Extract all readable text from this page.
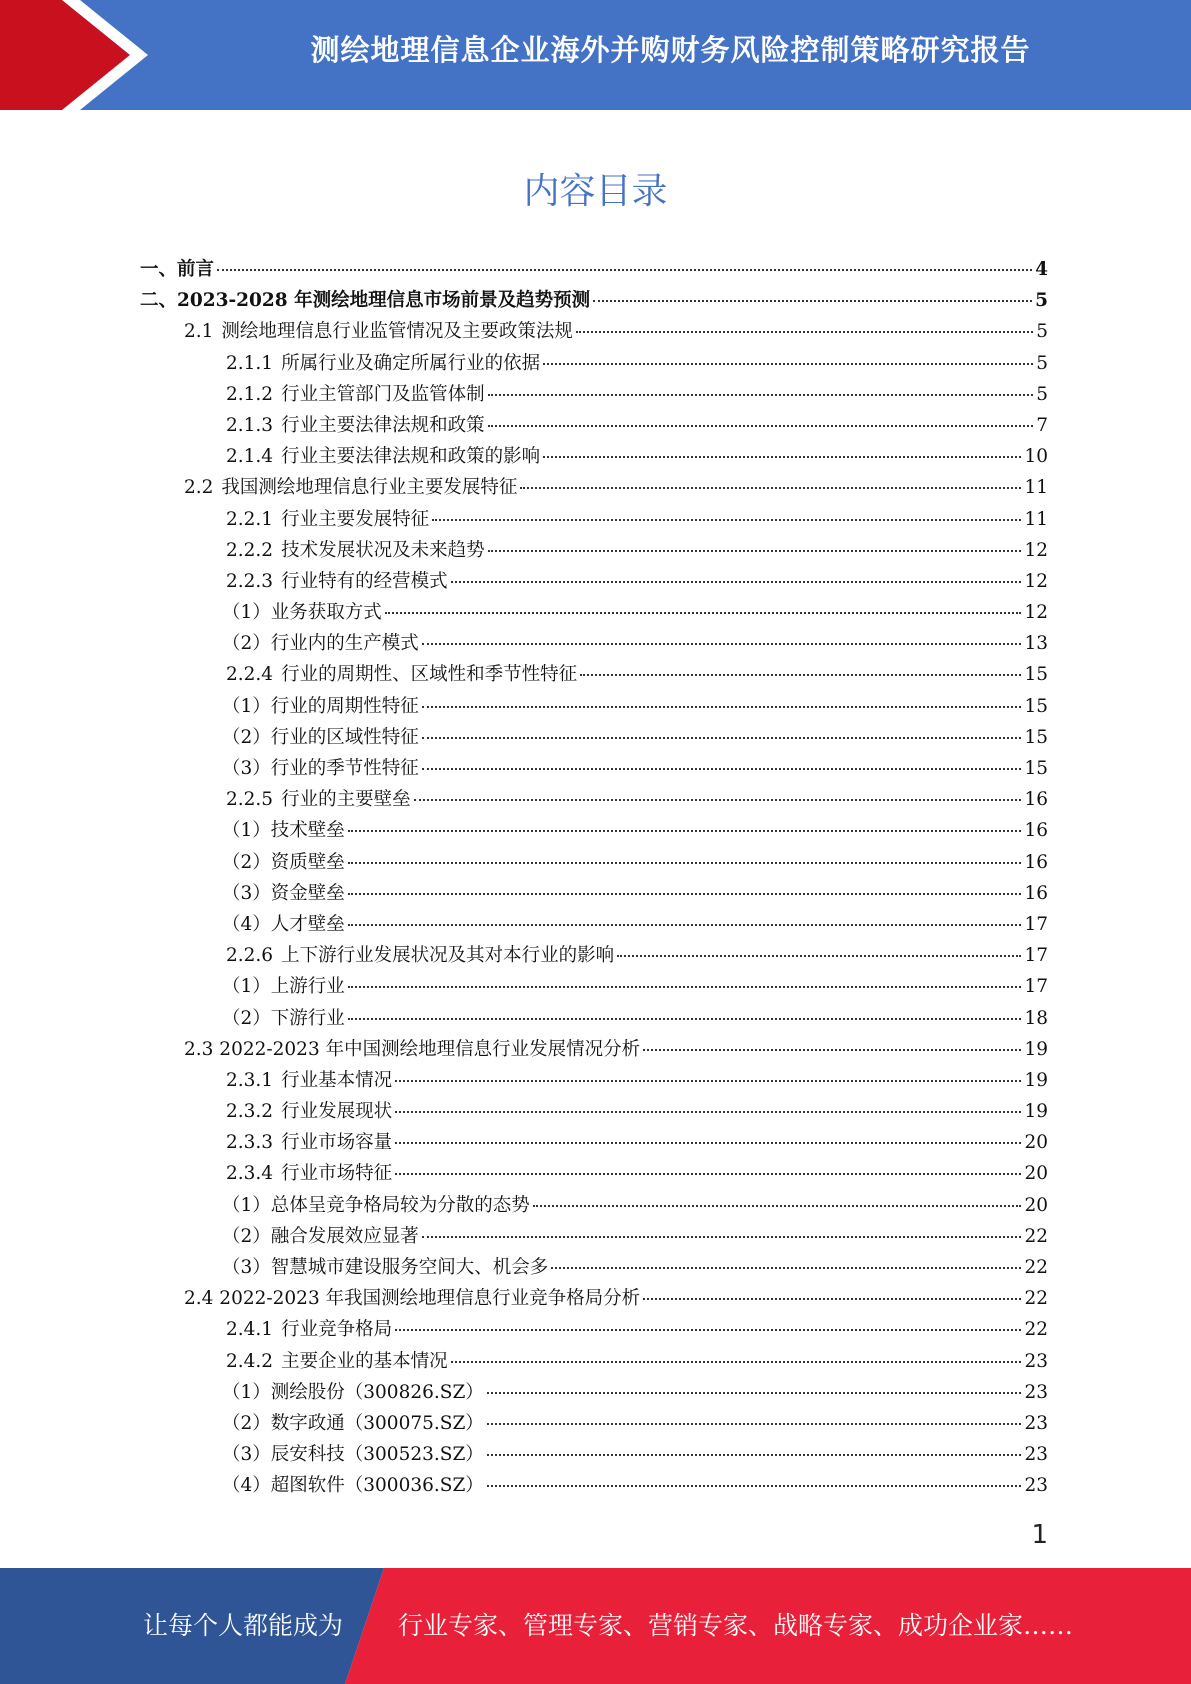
测绘地理信息企业海外并购财务风险控制策略研究报告
内容目录
一、前言	4
二、2023-2028 年测绘地理信息市场前景及趋势预测	5
2.1 测绘地理信息行业监管情况及主要政策法规	5
2.1.1 所属行业及确定所属行业的依据	5
2.1.2 行业主管部门及监管体制	5
2.1.3 行业主要法律法规和政策	7
2.1.4 行业主要法律法规和政策的影响	10
2.2 我国测绘地理信息行业主要发展特征	11
2.2.1 行业主要发展特征	11
2.2.2 技术发展状况及未来趋势	12
2.2.3 行业特有的经营模式	12
（1）业务获取方式	12
（2）行业内的生产模式	13
2.2.4 行业的周期性、区域性和季节性特征	15
（1）行业的周期性特征	15
（2）行业的区域性特征	15
（3）行业的季节性特征	15
2.2.5 行业的主要壁垒	16
（1）技术壁垒	16
（2）资质壁垒	16
（3）资金壁垒	16
（4）人才壁垒	17
2.2.6 上下游行业发展状况及其对本行业的影响	17
（1）上游行业	17
（2）下游行业	18
2.3 2022-2023 年中国测绘地理信息行业发展情况分析	19
2.3.1 行业基本情况	19
2.3.2 行业发展现状	19
2.3.3 行业市场容量	20
2.3.4 行业市场特征	20
（1）总体呈竞争格局较为分散的态势	20
（2）融合发展效应显著	22
（3）智慧城市建设服务空间大、机会多	22
2.4 2022-2023 年我国测绘地理信息行业竞争格局分析	22
2.4.1 行业竞争格局	22
2.4.2 主要企业的基本情况	23
（1）测绘股份（300826.SZ）	23
（2）数字政通（300075.SZ）	23
（3）辰安科技（300523.SZ）	23
（4）超图软件（300036.SZ）	23
1
让每个人都能成为 行业专家、管理专家、营销专家、战略专家、成功企业家……
